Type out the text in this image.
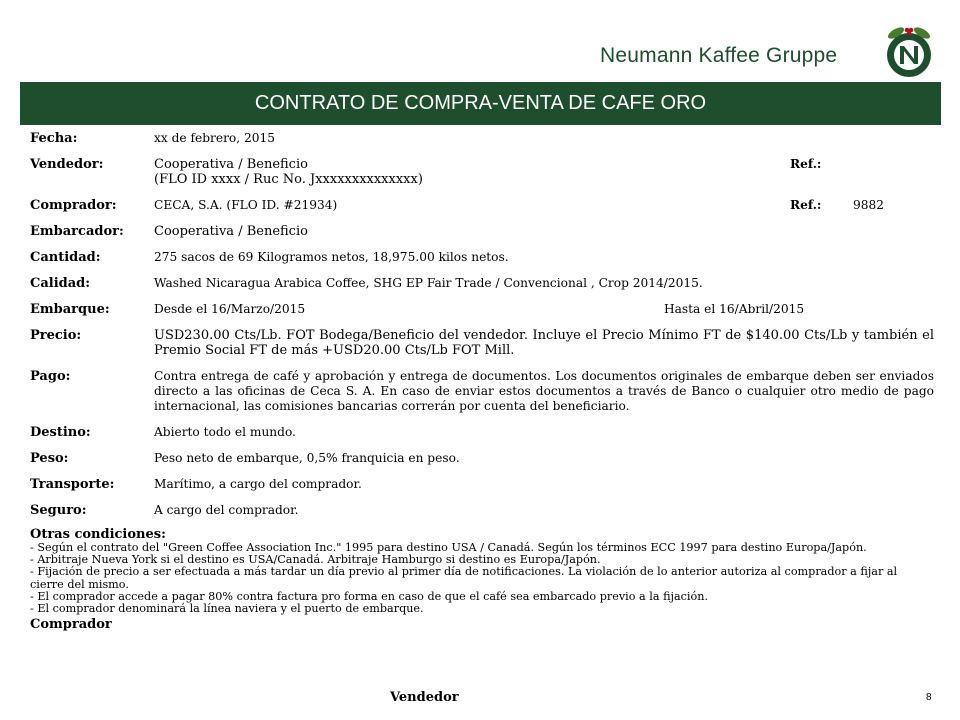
Neumann Kaffee Gruppe
CONTRATO DE COMPRA-VENTA DE CAFE ORO
Fecha:	xx de febrero, 2015
Vendedor:	Cooperativa / Beneficio	Ref.:
(FLO ID xxxx / Ruc No. Jxxxxxxxxxxxxxx)
Comprador:	CECA, S.A. (FLO ID. #21934)	Ref.:	9882
Embarcador:	Cooperativa / Beneficio
Cantidad:	275 sacos de 69 Kilogramos netos, 18,975.00 kilos netos.
Calidad:	Washed Nicaragua Arabica Coffee, SHG EP Fair Trade / Convencional , Crop 2014/2015.
Embarque:	Desde el 16/Marzo/2015	Hasta el 16/Abril/2015
Precio:	USD230.00 Cts/Lb. FOT Bodega/Beneficio del vendedor. Incluye el Precio Mínimo FT de $140.00 Cts/Lb y también el Premio Social FT de más +USD20.00 Cts/Lb FOT Mill.
Pago:	Contra entrega de café y aprobación y entrega de documentos. Los documentos originales de embarque deben ser enviados directo a las oficinas de Ceca S. A. En caso de enviar estos documentos a través de Banco o cualquier otro medio de pago internacional, las comisiones bancarias correrán por cuenta del beneficiario.
Destino:	Abierto todo el mundo.
Peso:	Peso neto de embarque, 0,5% franquicia en peso.
Transporte:	Marítimo, a cargo del comprador.
Seguro:	A cargo del comprador.
Otras condiciones:
- Según el contrato del "Green Coffee Association Inc." 1995 para destino USA / Canadá. Según los términos ECC 1997 para destino Europa/Japón.
- Arbitraje Nueva York si el destino es USA/Canadá. Arbitraje Hamburgo si destino es Europa/Japón.
- Fijación de precio a ser efectuada a más tardar un día previo al primer día de notificaciones. La violación de lo anterior autoriza al comprador a fijar al cierre del mismo.
- El comprador accede a pagar 80% contra factura pro forma en caso de que el café sea embarcado previo a la fijación.
- El comprador denominará la línea naviera y el puerto de embarque.
Comprador
Vendedor	8
